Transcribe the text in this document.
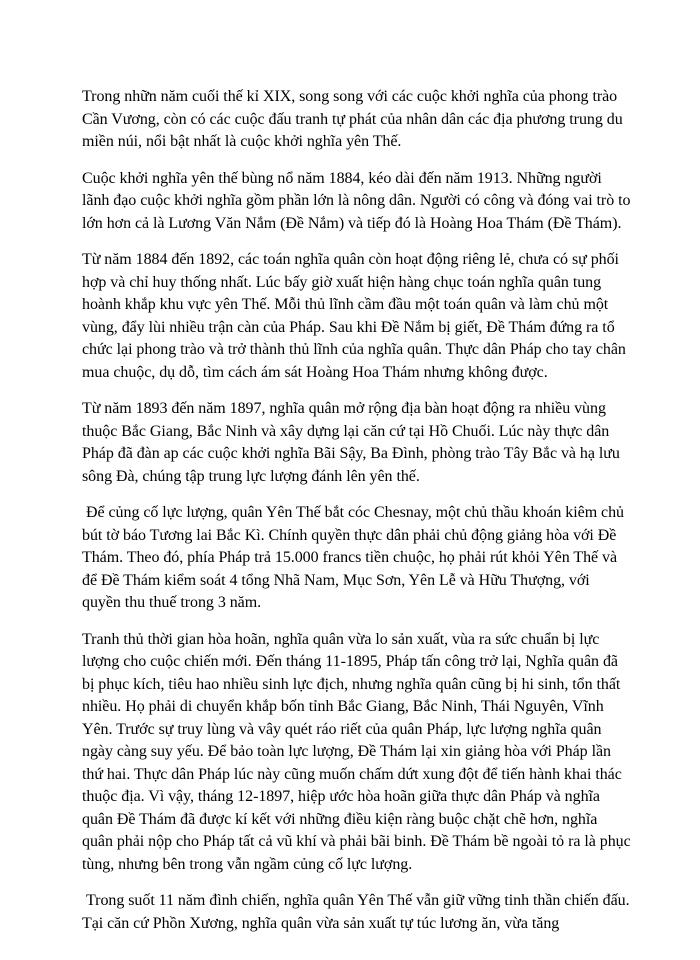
Trong nhữn năm cuối thế kỉ XIX, song song với các cuộc khởi nghĩa của phong trào Cần Vương, còn có các cuộc đấu tranh tự phát của nhân dân các địa phương trung du miền núi, nổi bật nhất là cuộc khởi nghĩa yên Thế.

Cuộc khởi nghĩa yên thế bùng nổ năm 1884, kéo dài đến năm 1913. Những người lãnh đạo cuộc khởi nghĩa gồm phần lớn là nông dân. Người có công và đóng vai trò to lớn hơn cả là Lương Văn Nắm (Đề Nắm) và tiếp đó là Hoàng Hoa Thám (Đề Thám).

Từ năm 1884 đến 1892, các toán nghĩa quân còn hoạt động riêng lẻ, chưa có sự phối hợp và chỉ huy thống nhất. Lúc bấy giờ xuất hiện hàng chục toán nghĩa quân tung hoành khắp khu vực yên Thế. Mỗi thủ lĩnh cầm đầu một toán quân và làm chủ một vùng, đẩy lùi nhiều trận càn của Pháp. Sau khi Đề Nắm bị giết, Đề Thám đứng ra tổ chức lại phong trào và trở thành thủ lĩnh của nghĩa quân. Thực dân Pháp cho tay chân mua chuộc, dụ dỗ, tìm cách ám sát Hoàng Hoa Thám nhưng không được.

Từ năm 1893 đến năm 1897, nghĩa quân mở rộng địa bàn hoạt động ra nhiều vùng thuộc Bắc Giang, Bắc Ninh và xây dựng lại căn cứ tại Hồ Chuối. Lúc này thực dân Pháp đã đàn ap các cuộc khởi nghĩa Bãi Sậy, Ba Đình, phòng trào Tây Bắc và hạ lưu sông Đà, chúng tập trung lực lượng đánh lên yên thế.

Để củng cố lực lượng, quân Yên Thế bắt cóc Chesnay, một chủ thầu khoán kiêm chủ bút tờ báo Tương lai Bắc Kì. Chính quyền thực dân phải chủ động giảng hòa với Đề Thám. Theo đó, phía Pháp trả 15.000 francs tiền chuộc, họ phải rút khỏi Yên Thế và để Đề Thám kiểm soát 4 tổng Nhã Nam, Mục Sơn, Yên Lễ và Hữu Thượng, với quyền thu thuế trong 3 năm.

Tranh thủ thời gian hòa hoãn, nghĩa quân vừa lo sản xuất, vùa ra sức chuẩn bị lực lượng cho cuộc chiến mới. Đến tháng 11-1895, Pháp tấn công trở lại, Nghĩa quân đã bị phục kích, tiêu hao nhiều sinh lực địch, nhưng nghĩa quân cũng bị hi sinh, tổn thất nhiều. Họ phải di chuyển khắp bốn tỉnh Bắc Giang, Bắc Ninh, Thái Nguyên, Vĩnh Yên. Trước sự truy lùng và vây quét ráo riết của quân Pháp, lực lượng nghĩa quân ngày càng suy yếu. Để bảo toàn lực lượng, Đề Thám lại xin giảng hòa với Pháp lần thứ hai. Thực dân Pháp lúc này cũng muốn chấm dứt xung đột để tiến hành khai thác thuộc địa. Vì vậy, tháng 12-1897, hiệp ước hòa hoãn giữa thực dân Pháp và nghĩa quân Đề Thám đã được kí kết với những điều kiện ràng buộc chặt chẽ hơn, nghĩa quân phải nộp cho Pháp tất cả vũ khí và phải bãi binh. Đề Thám bề ngoài tỏ ra là phục tùng, nhưng bên trong vẫn ngầm củng cố lực lượng.

Trong suốt 11 năm đình chiến, nghĩa quân Yên Thế vẫn giữ vững tinh thần chiến đấu. Tại căn cứ Phồn Xương, nghĩa quân vừa sản xuất tự túc lương ăn, vừa tăng
